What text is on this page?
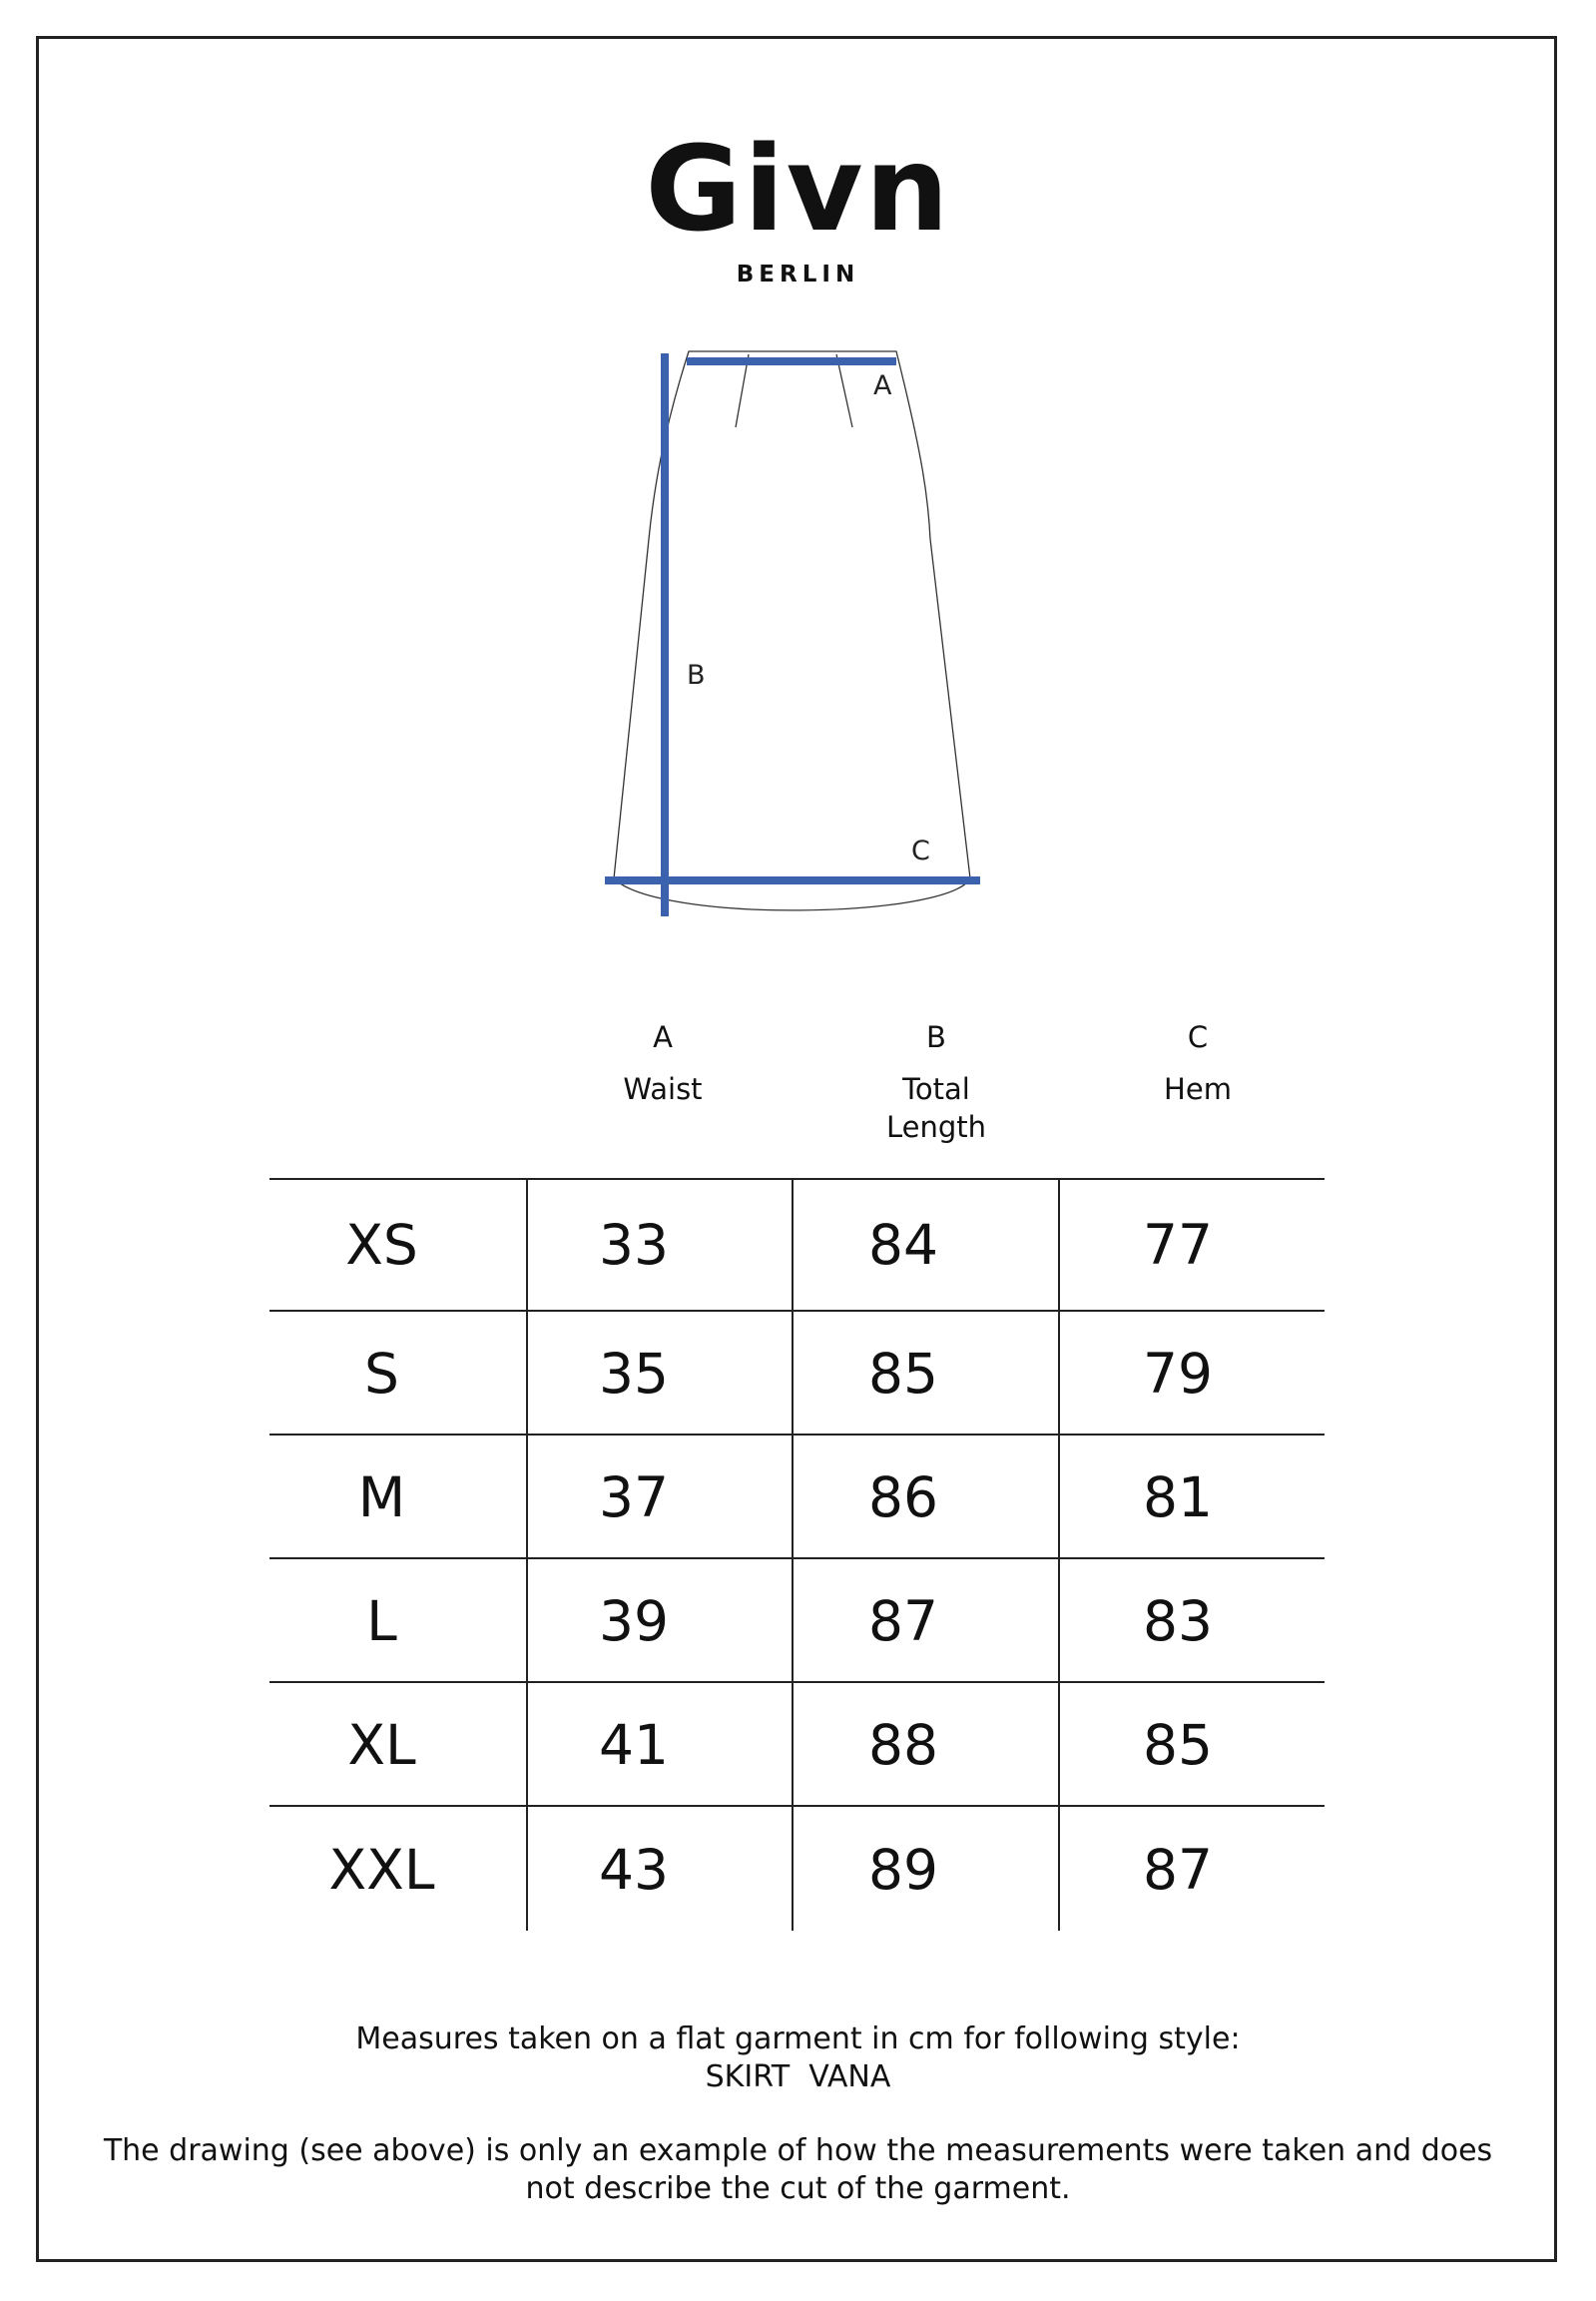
Givn
BERLIN
A
B
C
A
Waist
B
Total
Length
C
Hem
XS	33	84	77
S	35	85	79
M	37	86	81
L	39	87	83
XL	41	88	85
XXL	43	89	87
Measures taken on a flat garment in cm for following style:
SKIRT  VANA
The drawing (see above) is only an example of how the measurements were taken and does
not describe the cut of the garment.
